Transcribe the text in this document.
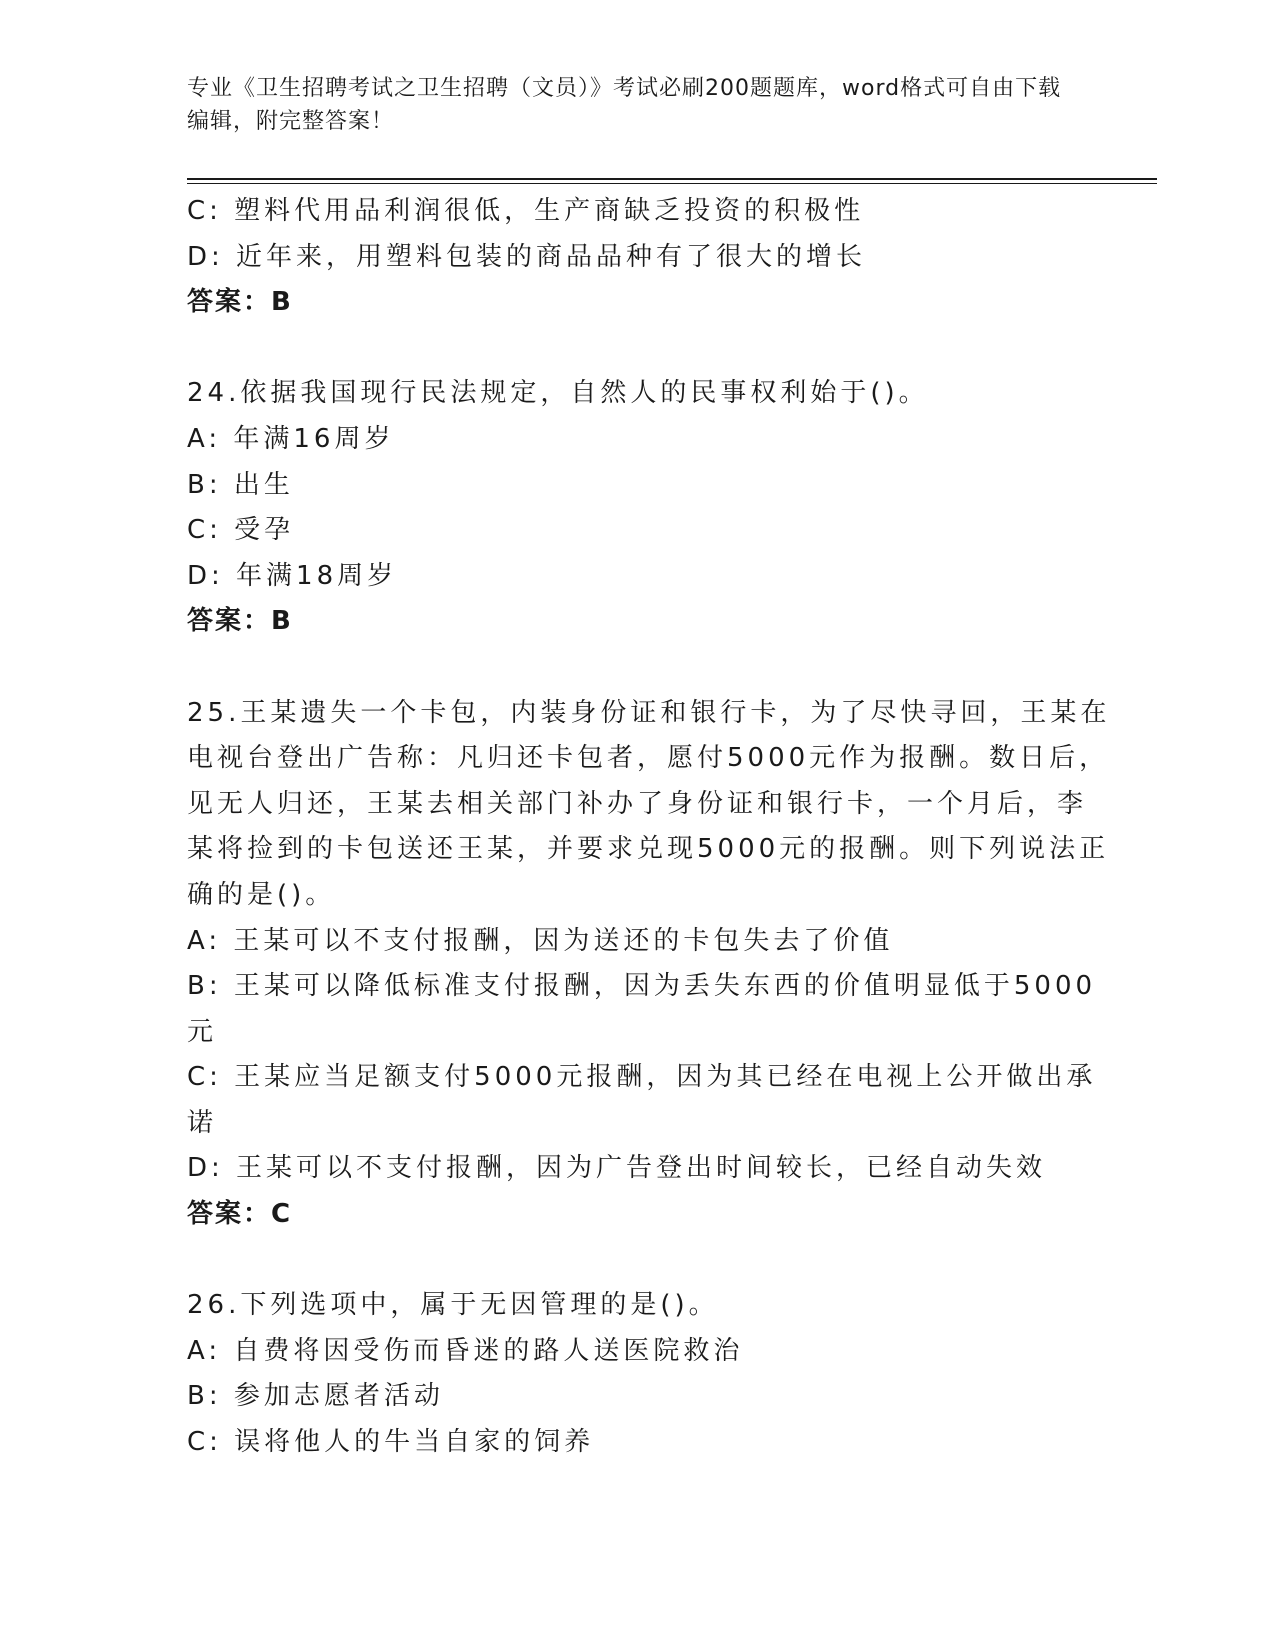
专业《卫生招聘考试之卫生招聘（文员）》考试必刷200题题库，word格式可自由下载编辑，附完整答案！
C: 塑料代用品利润很低，生产商缺乏投资的积极性
D: 近年来，用塑料包装的商品品种有了很大的增长
答案：B
24.依据我国现行民法规定，自然人的民事权利始于()。
A: 年满16周岁
B: 出生
C: 受孕
D: 年满18周岁
答案：B
25.王某遗失一个卡包，内装身份证和银行卡，为了尽快寻回，王某在
电视台登出广告称：凡归还卡包者，愿付5000元作为报酬。数日后，
见无人归还，王某去相关部门补办了身份证和银行卡，一个月后，李
某将捡到的卡包送还王某，并要求兑现5000元的报酬。则下列说法正
确的是()。
A: 王某可以不支付报酬，因为送还的卡包失去了价值
B: 王某可以降低标准支付报酬，因为丢失东西的价值明显低于5000
元
C: 王某应当足额支付5000元报酬，因为其已经在电视上公开做出承
诺
D: 王某可以不支付报酬，因为广告登出时间较长，已经自动失效
答案：C
26.下列选项中，属于无因管理的是()。
A: 自费将因受伤而昏迷的路人送医院救治
B: 参加志愿者活动
C: 误将他人的牛当自家的饲养
